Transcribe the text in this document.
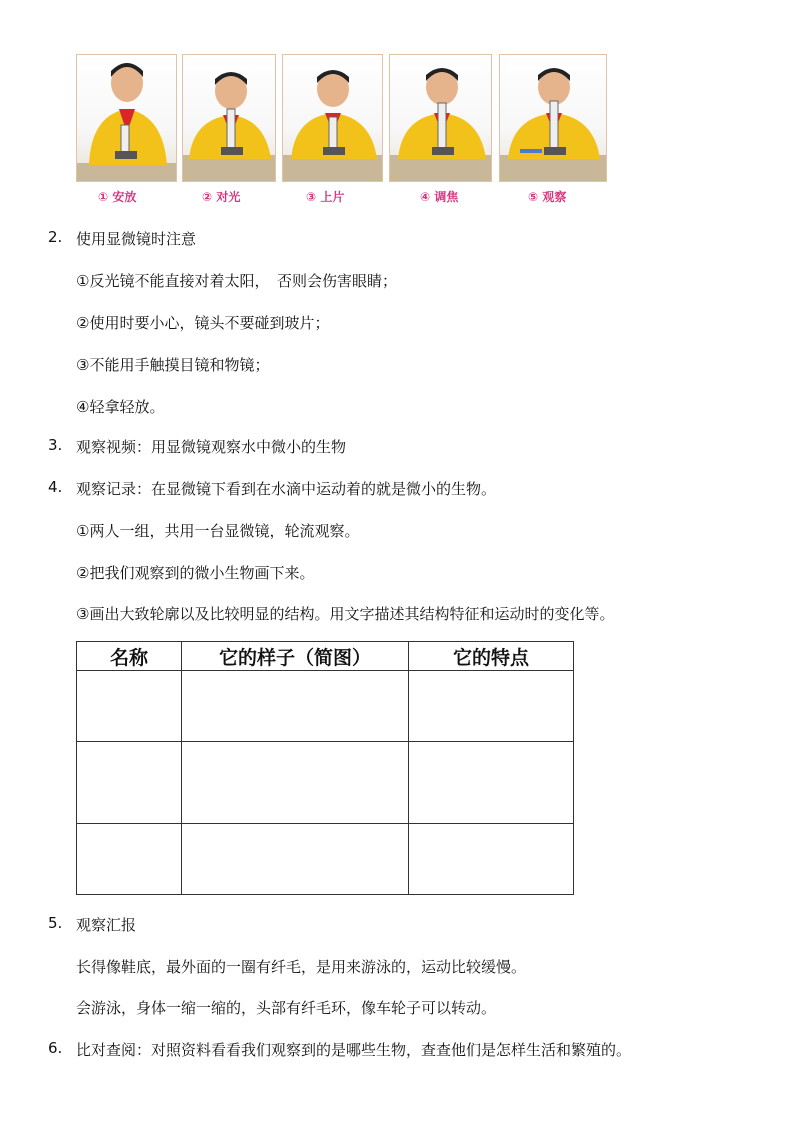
① 安放	② 对光	③ 上片	④ 调焦	⑤ 观察
2. 使用显微镜时注意
①反光镜不能直接对着太阳，　否则会伤害眼睛；
②使用时要小心，镜头不要碰到玻片；
③不能用手触摸目镜和物镜；
④轻拿轻放。
3. 观察视频：用显微镜观察水中微小的生物
4. 观察记录：在显微镜下看到在水滴中运动着的就是微小的生物。
①两人一组，共用一台显微镜，轮流观察。
②把我们观察到的微小生物画下来。
③画出大致轮廓以及比较明显的结构。用文字描述其结构特征和运动时的变化等。
名称	它的样子（简图）	它的特点

5. 观察汇报
长得像鞋底，最外面的一圈有纤毛，是用来游泳的，运动比较缓慢。
会游泳，身体一缩一缩的，头部有纤毛环，像车轮子可以转动。
6. 比对查阅：对照资料看看我们观察到的是哪些生物，查查他们是怎样生活和繁殖的。
